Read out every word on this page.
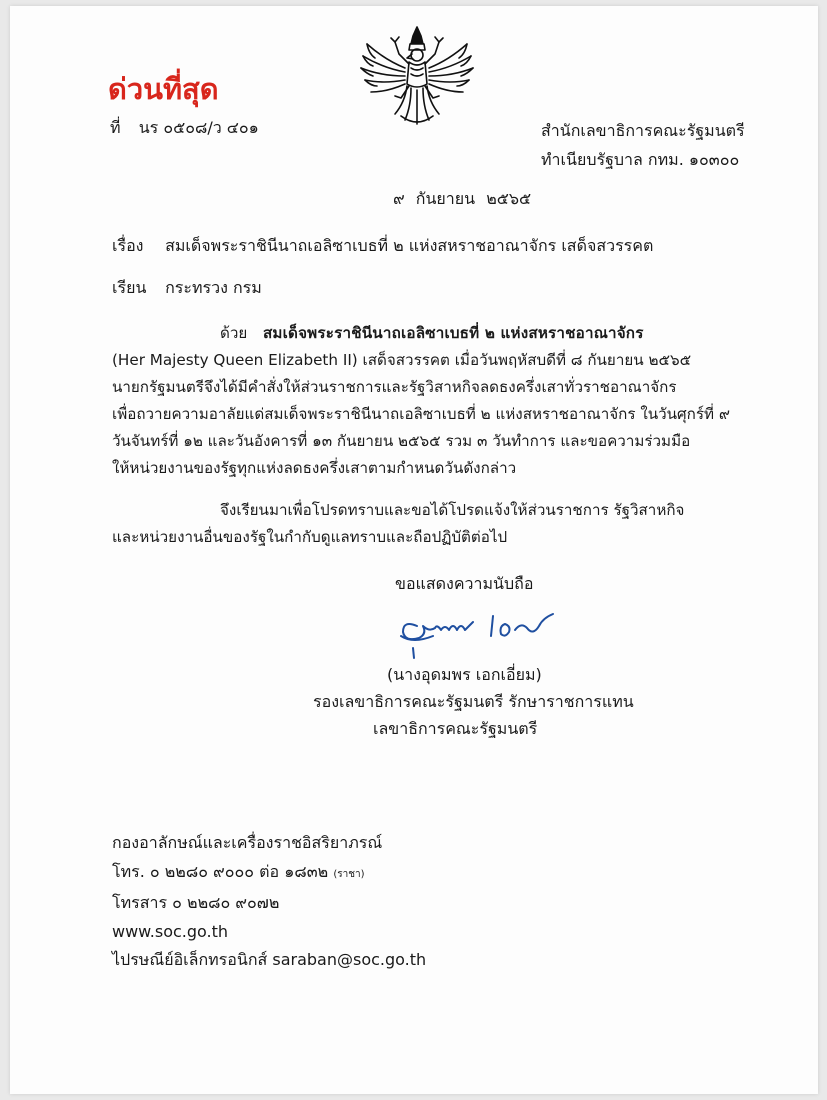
ด่วนที่สุด
ที่ นร ๐๕๐๘/ว ๔๐๑	สำนักเลขาธิการคณะรัฐมนตรี
ทำเนียบรัฐบาล กทม. ๑๐๓๐๐
๙ กันยายน ๒๕๖๕
เรื่อง สมเด็จพระราชินีนาถเอลิซาเบธที่ ๒ แห่งสหราชอาณาจักร เสด็จสวรรคต
เรียน กระทรวง กรม
ด้วย สมเด็จพระราชินีนาถเอลิซาเบธที่ ๒ แห่งสหราชอาณาจักร
(Her Majesty Queen Elizabeth II) เสด็จสวรรคต เมื่อวันพฤหัสบดีที่ ๘ กันยายน ๒๕๖๕
นายกรัฐมนตรีจึงได้มีคำสั่งให้ส่วนราชการและรัฐวิสาหกิจลดธงครึ่งเสาทั่วราชอาณาจักร
เพื่อถวายความอาลัยแด่สมเด็จพระราชินีนาถเอลิซาเบธที่ ๒ แห่งสหราชอาณาจักร ในวันศุกร์ที่ ๙
วันจันทร์ที่ ๑๒ และวันอังคารที่ ๑๓ กันยายน ๒๕๖๕ รวม ๓ วันทำการ และขอความร่วมมือ
ให้หน่วยงานของรัฐทุกแห่งลดธงครึ่งเสาตามกำหนดวันดังกล่าว
จึงเรียนมาเพื่อโปรดทราบและขอได้โปรดแจ้งให้ส่วนราชการ รัฐวิสาหกิจ
และหน่วยงานอื่นของรัฐในกำกับดูแลทราบและถือปฏิบัติต่อไป
ขอแสดงความนับถือ
(นางอุดมพร เอกเอี่ยม)
รองเลขาธิการคณะรัฐมนตรี รักษาราชการแทน
เลขาธิการคณะรัฐมนตรี
กองอาลักษณ์และเครื่องราชอิสริยาภรณ์
โทร. ๐ ๒๒๘๐ ๙๐๐๐ ต่อ ๑๘๓๒ (ราชา)
โทรสาร ๐ ๒๒๘๐ ๙๐๗๒
www.soc.go.th
ไปรษณีย์อิเล็กทรอนิกส์ saraban@soc.go.th
